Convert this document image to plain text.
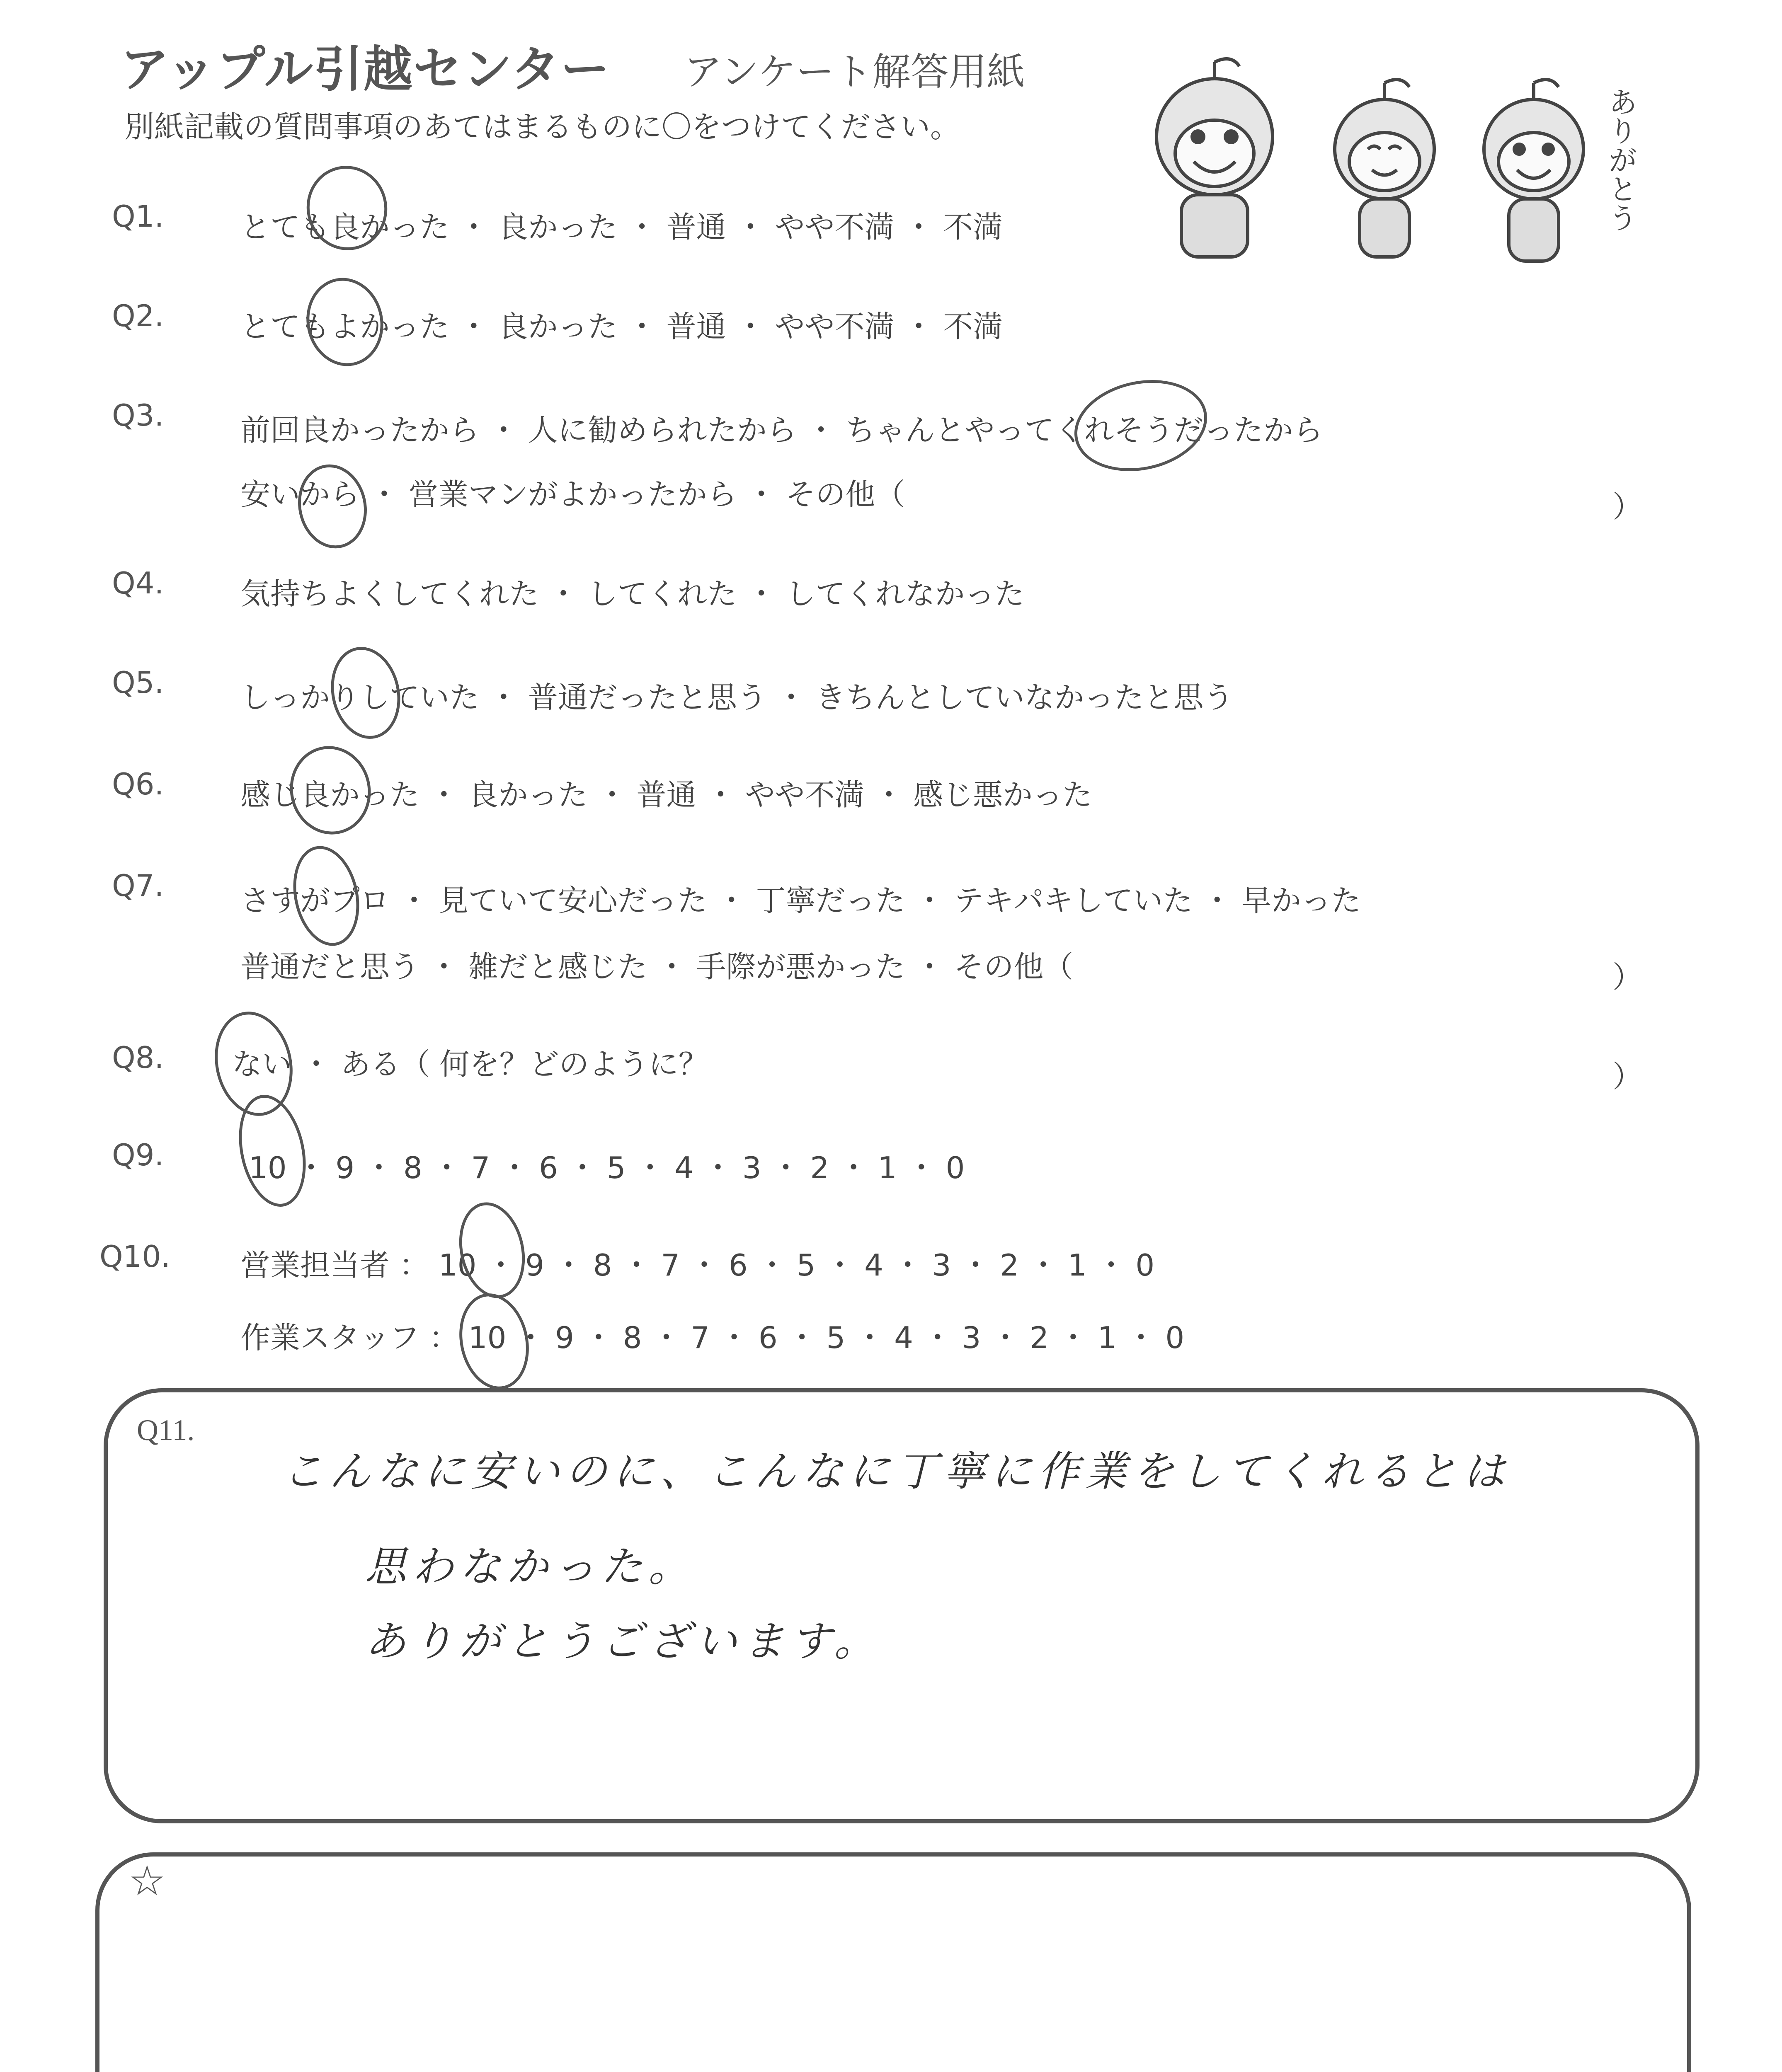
アップル引越センター アンケート解答用紙
別紙記載の質問事項のあてはまるものに〇をつけてください。	ありがとう
Q1.	とても良かった ・ 良かった ・ 普通 ・ やや不満 ・ 不満
Q2.	とてもよかった ・ 良かった ・ 普通 ・ やや不満 ・ 不満
Q3.	前回良かったから ・ 人に勧められたから ・ ちゃんとやってくれそうだったから
安いから ・ 営業マンがよかったから ・ その他（	）
Q4.	気持ちよくしてくれた ・ してくれた ・ してくれなかった
Q5.	しっかりしていた ・ 普通だったと思う ・ きちんとしていなかったと思う
Q6.	感じ良かった ・ 良かった ・ 普通 ・ やや不満 ・ 感じ悪かった
Q7.	さすがプロ ・ 見ていて安心だった ・ 丁寧だった ・ テキパキしていた ・ 早かった
普通だと思う ・ 雑だと感じた ・ 手際が悪かった ・ その他（	）
Q8. ない ・ ある（ 何を？どのように？	）
Q9.	10 ・ 9 ・ 8 ・ 7 ・ 6 ・ 5 ・ 4 ・ 3 ・ 2 ・ 1 ・ 0
Q10. 営業担当者 ： 10 ・ 9 ・ 8 ・ 7 ・ 6 ・ 5 ・ 4 ・ 3 ・ 2 ・ 1 ・ 0
作業スタッフ ： 10 ・ 9 ・ 8 ・ 7 ・ 6 ・ 5 ・ 4 ・ 3 ・ 2 ・ 1 ・ 0
Q11.
こんなに安いのに、こんなに丁寧に作業をしてくれるとは
思わなかった。
ありがとうございます。
☆
